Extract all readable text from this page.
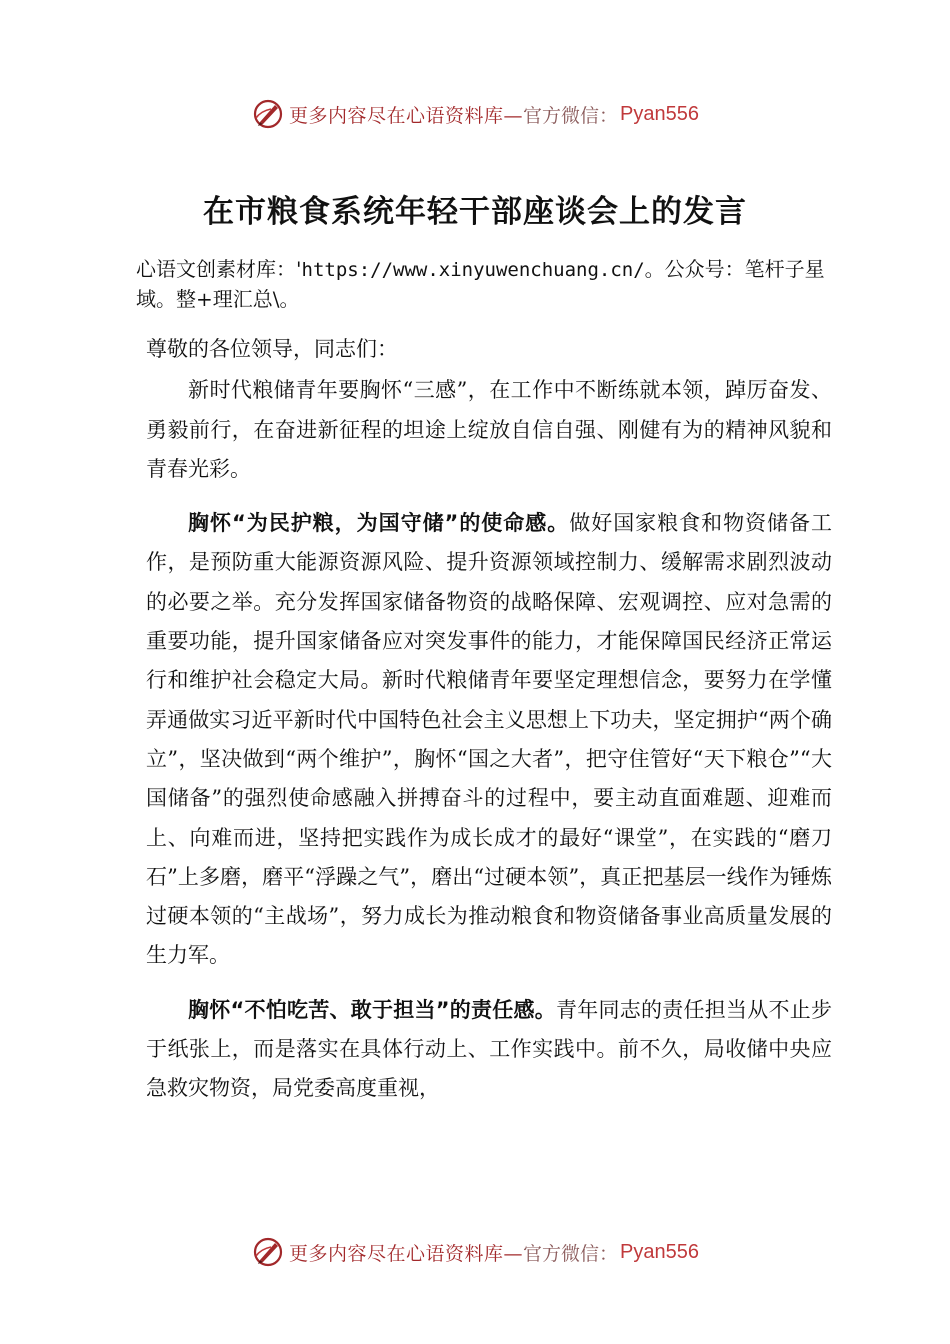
更多内容尽在心语资料库— 官方微信： Pyan556
在市粮食系统年轻干部座谈会上的发言
心语文创素材库：'https://www.xinyuwenchuang.cn/。公众号：笔杆子星域。整+理汇总\。

尊敬的各位领导，同志们：

新时代粮储青年要胸怀“三感”，在工作中不断练就本领，踔厉奋发、勇毅前行，在奋进新征程的坦途上绽放自信自强、刚健有为的精神风貌和青春光彩。

胸怀“为民护粮，为国守储”的使命感。做好国家粮食和物资储备工作，是预防重大能源资源风险、提升资源领域控制力、缓解需求剧烈波动的必要之举。充分发挥国家储备物资的战略保障、宏观调控、应对急需的重要功能，提升国家储备应对突发事件的能力，才能保障国民经济正常运行和维护社会稳定大局。新时代粮储青年要坚定理想信念，要努力在学懂弄通做实习近平新时代中国特色社会主义思想上下功夫，坚定拥护“两个确立”，坚决做到“两个维护”，胸怀“国之大者”，把守住管好“天下粮仓”“大国储备”的强烈使命感融入拼搏奋斗的过程中，要主动直面难题、迎难而上、向难而进，坚持把实践作为成长成才的最好“课堂”，在实践的“磨刀石”上多磨，磨平“浮躁之气”，磨出“过硬本领”，真正把基层一线作为锤炼过硬本领的“主战场”，努力成长为推动粮食和物资储备事业高质量发展的生力军。

胸怀“不怕吃苦、敢于担当”的责任感。青年同志的责任担当从不止步于纸张上，而是落实在具体行动上、工作实践中。前不久，局收储中央应急救灾物资，局党委高度重视，

更多内容尽在心语资料库— 官方微信： Pyan556
